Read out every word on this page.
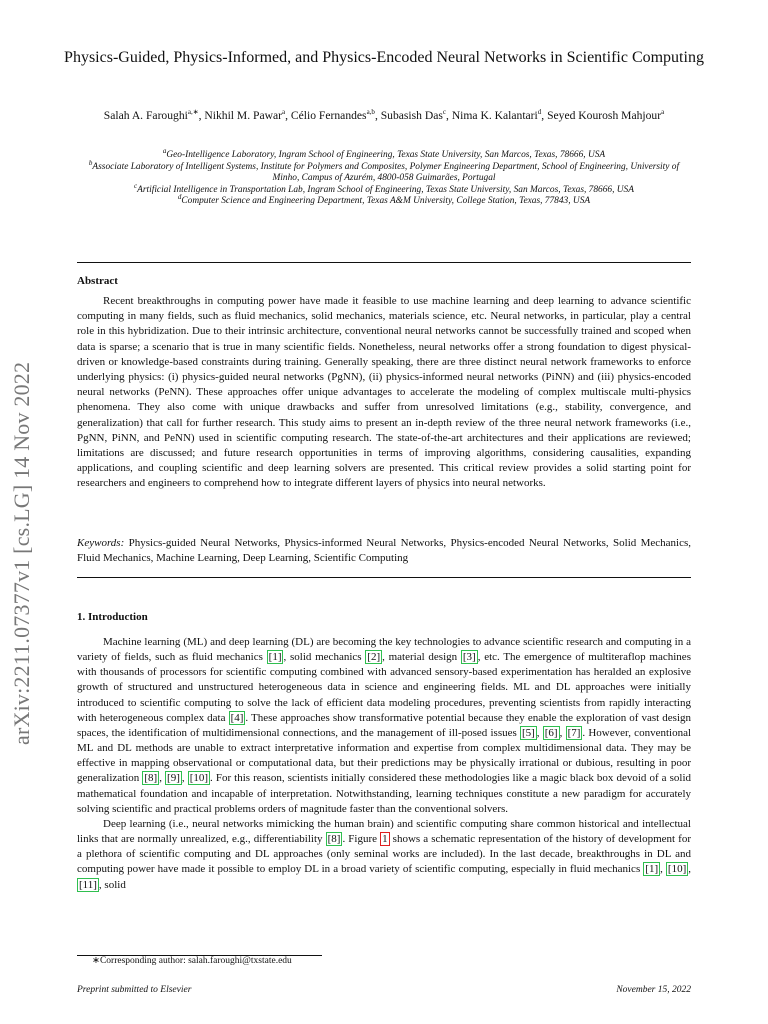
arXiv:2211.07377v1 [cs.LG] 14 Nov 2022
Physics-Guided, Physics-Informed, and Physics-Encoded Neural Networks in Scientific Computing
Salah A. Faroughi$^{a,∗}$, Nikhil M. Pawar$^a$, Célio Fernandes$^{a,b}$, Subasish Das$^c$, Nima K. Kalantari$^d$, Seyed Kourosh Mahjour$^a$
$^a$Geo-Intelligence Laboratory, Ingram School of Engineering, Texas State University, San Marcos, Texas, 78666, USA
$^b$Associate Laboratory of Intelligent Systems, Institute for Polymers and Composites, Polymer Engineering Department, School of Engineering, University of Minho, Campus of Azurém, 4800-058 Guimarães, Portugal
$^c$Artificial Intelligence in Transportation Lab, Ingram School of Engineering, Texas State University, San Marcos, Texas, 78666, USA
$^d$Computer Science and Engineering Department, Texas A&M University, College Station, Texas, 77843, USA
Abstract
Recent breakthroughs in computing power have made it feasible to use machine learning and deep learning to advance scientific computing in many fields, such as fluid mechanics, solid mechanics, materials science, etc. Neural networks, in particular, play a central role in this hybridization. Due to their intrinsic architecture, conventional neural networks cannot be successfully trained and scoped when data is sparse; a scenario that is true in many scientific fields. Nonetheless, neural networks offer a strong foundation to digest physical-driven or knowledge-based constraints during training. Generally speaking, there are three distinct neural network frameworks to enforce underlying physics: (i) physics-guided neural networks (PgNN), (ii) physics-informed neural networks (PiNN) and (iii) physics-encoded neural networks (PeNN). These approaches offer unique advantages to accelerate the modeling of complex multiscale multi-physics phenomena. They also come with unique drawbacks and suffer from unresolved limitations (e.g., stability, convergence, and generalization) that call for further research. This study aims to present an in-depth review of the three neural network frameworks (i.e., PgNN, PiNN, and PeNN) used in scientific computing research. The state-of-the-art architectures and their applications are reviewed; limitations are discussed; and future research opportunities in terms of improving algorithms, considering causalities, expanding applications, and coupling scientific and deep learning solvers are presented. This critical review provides a solid starting point for researchers and engineers to comprehend how to integrate different layers of physics into neural networks.
Keywords: Physics-guided Neural Networks, Physics-informed Neural Networks, Physics-encoded Neural Networks, Solid Mechanics, Fluid Mechanics, Machine Learning, Deep Learning, Scientific Computing
1. Introduction

Machine learning (ML) and deep learning (DL) are becoming the key technologies to advance scientific research and computing in a variety of fields, such as fluid mechanics [1] , solid mechanics [2] , material design [3] , etc. The emergence of multiteraflop machines with thousands of processors for scientific computing combined with advanced sensory-based experimentation has heralded an explosive growth of structured and unstructured heterogeneous data in science and engineering fields. ML and DL approaches were initially introduced to scientific computing to solve the lack of efficient data modeling procedures, preventing scientists from rapidly interacting with heterogeneous complex data [4] . These approaches show transformative potential because they enable the exploration of vast design spaces, the identification of multidimensional connections, and the management of ill-posed issues [5] , [6] , [7] . However, conventional ML and DL methods are unable to extract interpretative information and expertise from complex multidimensional data. They may be effective in mapping observational or computational data, but their predictions may be physically irrational or dubious, resulting in poor generalization [8] , [9] , [10] . For this reason, scientists initially considered these methodologies like a magic black box devoid of a solid mathematical foundation and incapable of interpretation. Notwithstanding, learning techniques constitute a new paradigm for accurately solving scientific and practical problems orders of magnitude faster than the conventional solvers.

Deep learning (i.e., neural networks mimicking the human brain) and scientific computing share common historical and intellectual links that are normally unrealized, e.g., differentiability [8] . Figure 1 shows a schematic representation of the history of development for a plethora of scientific computing and DL approaches (only seminal works are included). In the last decade, breakthroughs in DL and computing power have made it possible to employ DL in a broad variety of scientific computing, especially in fluid mechanics [1] , [10] , [11] , solid

∗Corresponding author: salah.faroughi@txstate.edu
Preprint submitted to Elsevier	November 15, 2022
